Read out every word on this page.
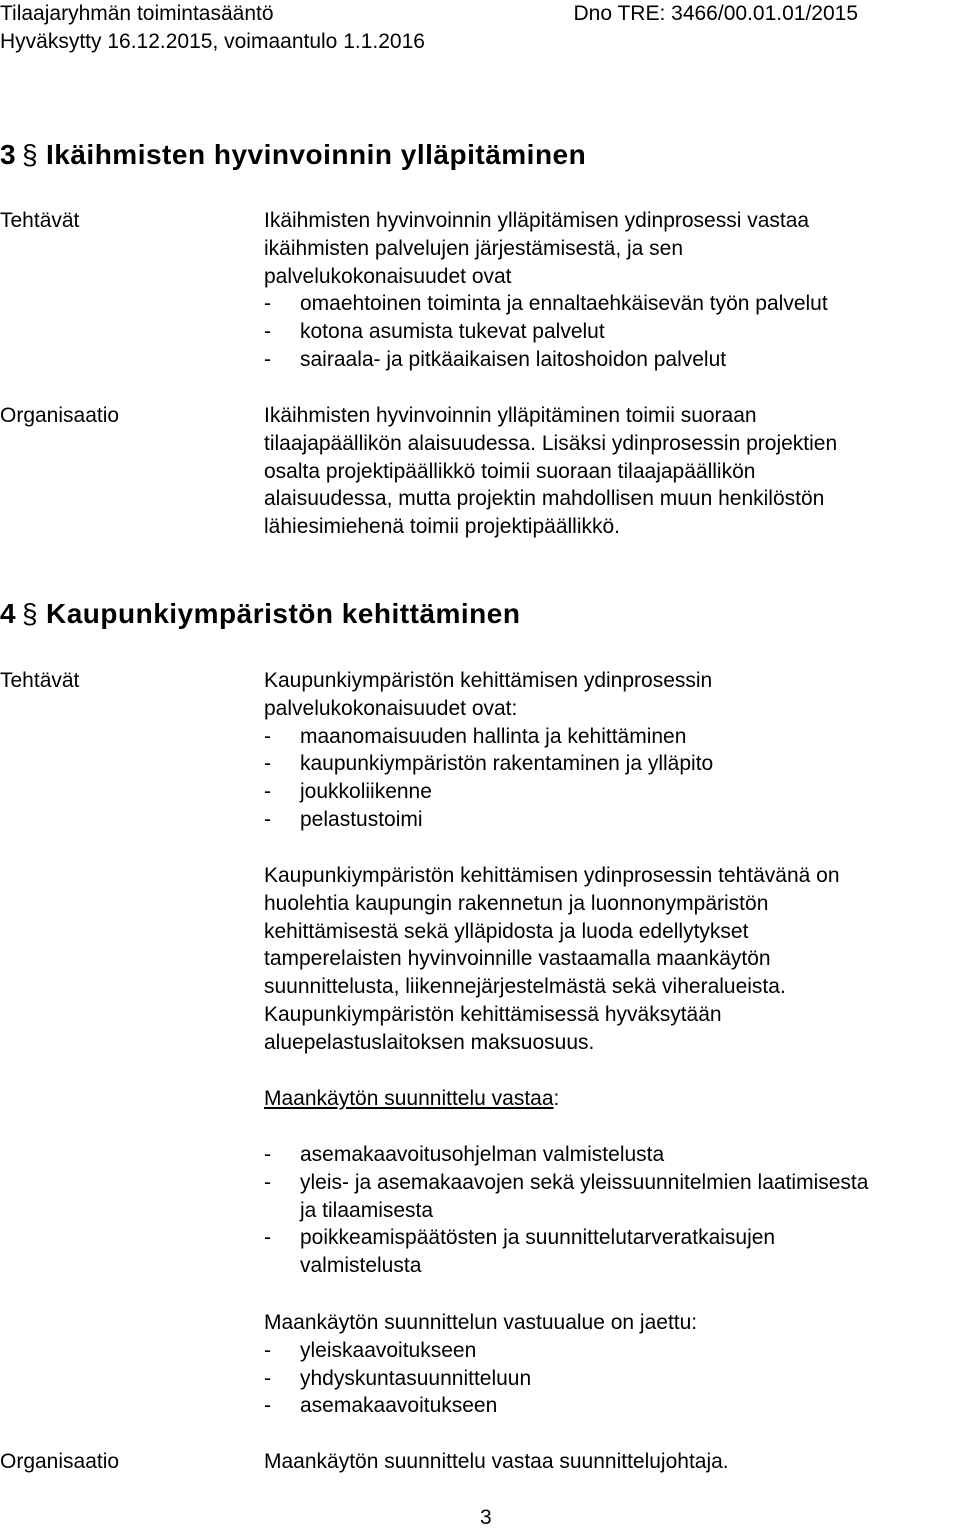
Tilaajaryhmän toimintasääntö	Dno TRE: 3466/00.01.01/2015
Hyväksytty 16.12.2015, voimaantulo 1.1.2016
3 § Ikäihmisten hyvinvoinnin ylläpitäminen
Tehtävät	Ikäihmisten hyvinvoinnin ylläpitämisen ydinprosessi vastaa
ikäihmisten palvelujen järjestämisestä, ja sen
palvelukokonaisuudet ovat
- omaehtoinen toiminta ja ennaltaehkäisevän työn palvelut
- kotona asumista tukevat palvelut
- sairaala- ja pitkäaikaisen laitoshoidon palvelut
Organisaatio	Ikäihmisten hyvinvoinnin ylläpitäminen toimii suoraan
tilaajapäällikön alaisuudessa. Lisäksi ydinprosessin projektien
osalta projektipäällikkö toimii suoraan tilaajapäällikön
alaisuudessa, mutta projektin mahdollisen muun henkilöstön
lähiesimiehenä toimii projektipäällikkö.
4 § Kaupunkiympäristön kehittäminen
Tehtävät	Kaupunkiympäristön kehittämisen ydinprosessin
palvelukokonaisuudet ovat:
- maanomaisuuden hallinta ja kehittäminen
- kaupunkiympäristön rakentaminen ja ylläpito
- joukkoliikenne
- pelastustoimi
Kaupunkiympäristön kehittämisen ydinprosessin tehtävänä on
huolehtia kaupungin rakennetun ja luonnonympäristön
kehittämisestä sekä ylläpidosta ja luoda edellytykset
tamperelaisten hyvinvoinnille vastaamalla maankäytön
suunnittelusta, liikennejärjestelmästä sekä viheralueista.
Kaupunkiympäristön kehittämisessä hyväksytään
aluepelastuslaitoksen maksuosuus.
Maankäytön suunnittelu vastaa:
- asemakaavoitusohjelman valmistelusta
- yleis- ja asemakaavojen sekä yleissuunnitelmien laatimisesta
ja tilaamisesta
- poikkeamispäätösten ja suunnittelutarveratkaisujen
valmistelusta
Maankäytön suunnittelun vastuualue on jaettu:
- yleiskaavoitukseen
- yhdyskuntasuunnitteluun
- asemakaavoitukseen
Organisaatio	Maankäytön suunnittelu vastaa suunnittelujohtaja.
3
